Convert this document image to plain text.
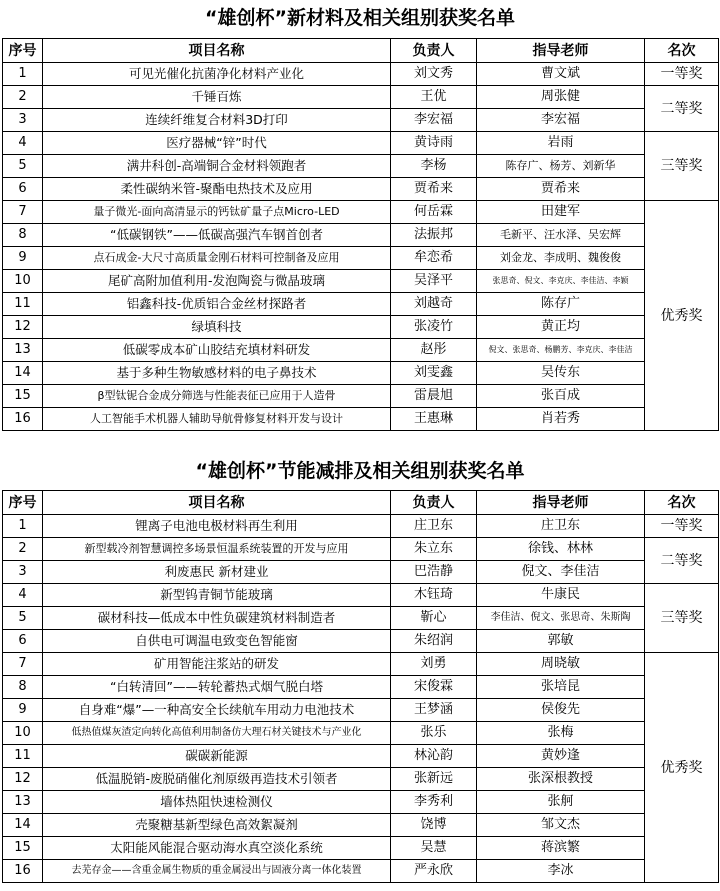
“雄创杯”新材料及相关组别获奖名单
序号	项目名称	负责人	指导老师	名次
1	可见光催化抗菌净化材料产业化	刘文秀	曹文斌	一等奖
2	千锤百炼	王优	周张健	二等奖
3	连续纤维复合材料3D打印	李宏福	李宏福	
4	医疗器械“锌”时代	黄诗雨	岩雨	三等奖
5	满井科创-高端铜合金材料领跑者	李杨	陈存广、杨芳、刘新华	
6	柔性碳纳米管-聚酯电热技术及应用	贾希来	贾希来	
7	量子微光-面向高清显示的钙钛矿量子点Micro-LED	何岳霖	田建军	优秀奖
8	“低碳钢铁”——低碳高强汽车钢首创者	法振邦	毛新平、汪水泽、吴宏辉	
9	点石成金-大尺寸高质量金刚石材料可控制备及应用	牟恋希	刘金龙、李成明、魏俊俊	
10	尾矿高附加值利用-发泡陶瓷与微晶玻璃	吴泽平	张思奇、倪文、李克庆、李佳洁、李颖	
11	铝鑫科技-优质铝合金丝材探路者	刘越奇	陈存广	
12	绿填科技	张凌竹	黄正均	
13	低碳零成本矿山胶结充填材料研发	赵彤	倪文、张思奇、杨鹏芳、李克庆、李佳洁	
14	基于多种生物敏感材料的电子鼻技术	刘雯鑫	吴传东	
15	β型钛铌合金成分筛选与性能表征已应用于人造骨	雷晨旭	张百成	
16	人工智能手术机器人辅助导航骨修复材料开发与设计	王惠琳	肖若秀	
“雄创杯”节能减排及相关组别获奖名单
序号	项目名称	负责人	指导老师	名次
1	锂离子电池电极材料再生利用	庄卫东	庄卫东	一等奖
2	新型载冷剂智慧调控多场景恒温系统装置的开发与应用	朱立东	徐钱、林林	二等奖
3	利废惠民 新材建业	巴浩静	倪文、李佳洁	
4	新型钨青铜节能玻璃	木钰琦	牛康民	三等奖
5	碳材科技—低成本中性负碳建筑材料制造者	靳心	李佳洁、倪文、张思奇、朱斯陶	
6	自供电可调温电致变色智能窗	朱绍润	郭敏	
7	矿用智能注浆站的研发	刘勇	周晓敏	优秀奖
8	“白转清回”——转轮蓄热式烟气脱白塔	宋俊霖	张培昆	
9	自身难“爆”—一种高安全长续航车用动力电池技术	王梦涵	侯俊先	
10	低热值煤灰渣定向转化高值利用制备仿大理石材关键技术与产业化	张乐	张梅	
11	碳碳新能源	林沁韵	黄妙逢	
12	低温脱销-废脱硝催化剂原级再造技术引领者	张新远	张深根教授	
13	墙体热阻快速检测仪	李秀利	张舸	
14	壳聚糖基新型绿色高效絮凝剂	饶博	邹文杰	
15	太阳能风能混合驱动海水真空淡化系统	吴慧	蒋滨繁	
16	去芜存金——含重金属生物质的重金属浸出与固液分离一体化装置	严永欣	李冰	
